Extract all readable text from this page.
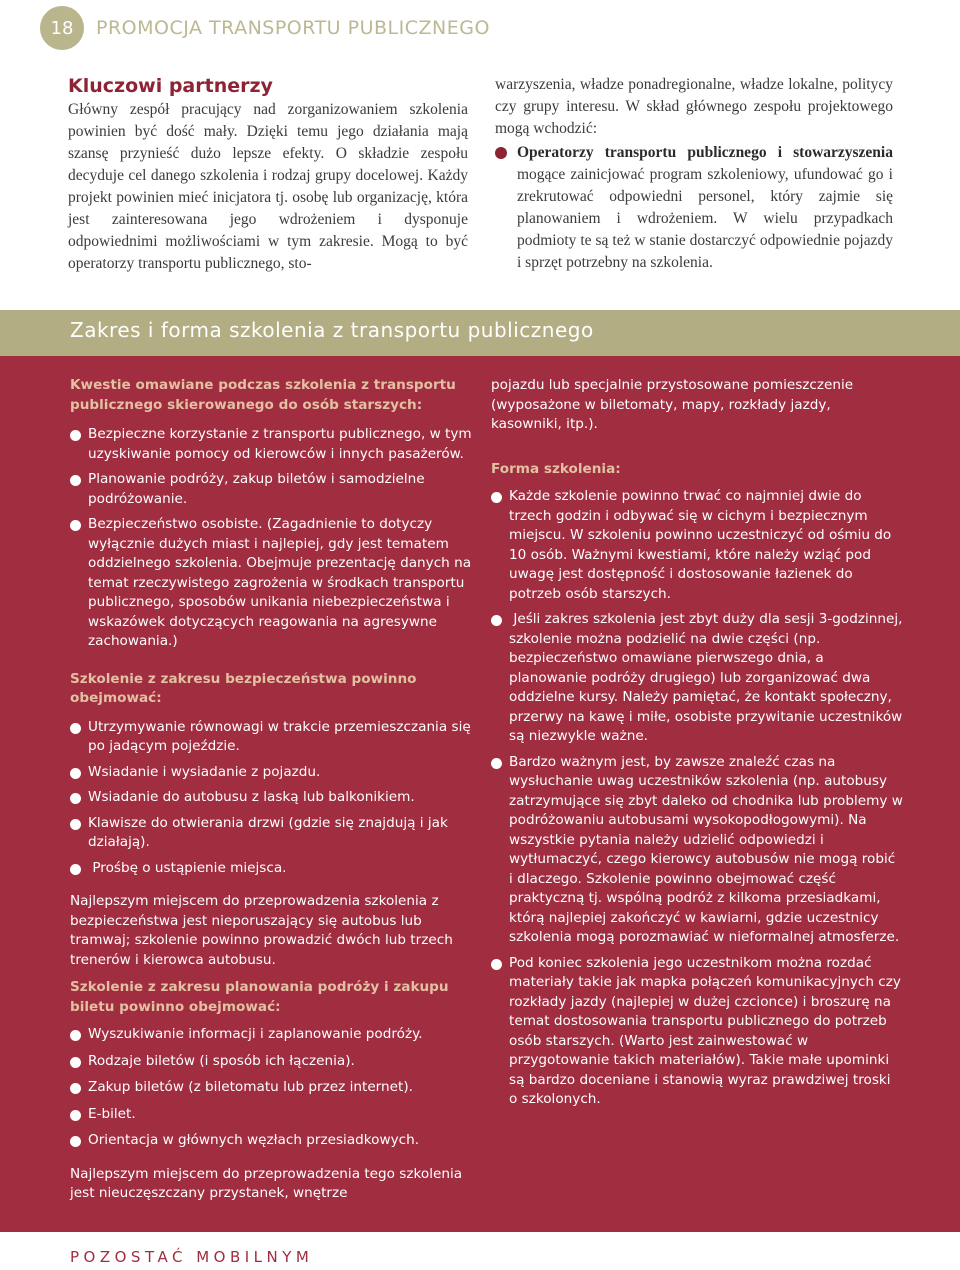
18	PROMOCJA TRANSPORTU PUBLICZNEGO
Kluczowi partnerzy

Główny zespół pracujący nad zorganizowaniem szkolenia powinien być dość mały. Dzięki temu jego działania mają szansę przynieść dużo lepsze efekty. O składzie zespołu decyduje cel danego szkolenia i rodzaj grupy docelowej. Każdy projekt powinien mieć inicjatora tj. osobę lub organizację, która jest zainteresowana jego wdrożeniem i dysponuje odpowiednimi możliwościami w tym zakresie. Mogą to być operatorzy transportu publicznego, sto-

warzyszenia, władze ponadregionalne, władze lokalne, politycy czy grupy interesu. W skład głównego zespołu projektowego mogą wchodzić:

Operatorzy transportu publicznego i stowarzyszenia mogące zainicjować program szkoleniowy, ufundować go i zrekrutować odpowiedni personel, który zajmie się planowaniem i wdrożeniem. W wielu przypadkach podmioty te są też w stanie dostarczyć odpowiednie pojazdy i sprzęt potrzebny na szkolenia.
Zakres i forma szkolenia z transportu publicznego

Kwestie omawiane podczas szkolenia z transportu publicznego skierowanego do osób starszych:

Bezpieczne korzystanie z transportu publicznego, w tym uzyskiwanie pomocy od kierowców i innych pasażerów.
Planowanie podróży, zakup biletów i samodzielne podróżowanie.
Bezpieczeństwo osobiste. (Zagadnienie to dotyczy wyłącznie dużych miast i najlepiej, gdy jest tematem oddzielnego szkolenia. Obejmuje prezentację danych na temat rzeczywistego zagrożenia w środkach transportu publicznego, sposobów unikania niebezpieczeństwa i wskazówek dotyczących reagowania na agresywne zachowania.)

Szkolenie z zakresu bezpieczeństwa powinno obejmować:

Utrzymywanie równowagi w trakcie przemieszczania się po jadącym pojeździe.
Wsiadanie i wysiadanie z pojazdu.
Wsiadanie do autobusu z laską lub balkonikiem.
Klawisze do otwierania drzwi (gdzie się znajdują i jak działają).
Prośbę o ustąpienie miejsca.

Najlepszym miejscem do przeprowadzenia szkolenia z bezpieczeństwa jest nieporuszający się autobus lub tramwaj; szkolenie powinno prowadzić dwóch lub trzech trenerów i kierowca autobusu.

Szkolenie z zakresu planowania podróży i zakupu biletu powinno obejmować:

Wyszukiwanie informacji i zaplanowanie podróży.
Rodzaje biletów (i sposób ich łączenia).
Zakup biletów (z biletomatu lub przez internet).
E-bilet.
Orientacja w głównych węzłach przesiadkowych.

Najlepszym miejscem do przeprowadzenia tego szkolenia jest nieuczęszczany przystanek, wnętrze

pojazdu lub specjalnie przystosowane pomieszczenie (wyposażone w biletomaty, mapy, rozkłady jazdy, kasowniki, itp.).

Forma szkolenia:

Każde szkolenie powinno trwać co najmniej dwie do trzech godzin i odbywać się w cichym i bezpiecznym miejscu. W szkoleniu powinno uczestniczyć od ośmiu do 10 osób. Ważnymi kwestiami, które należy wziąć pod uwagę jest dostępność i dostosowanie łazienek do potrzeb osób starszych.
Jeśli zakres szkolenia jest zbyt duży dla sesji 3-godzinnej, szkolenie można podzielić na dwie części (np. bezpieczeństwo omawiane pierwszego dnia, a planowanie podróży drugiego) lub zorganizować dwa oddzielne kursy. Należy pamiętać, że kontakt społeczny, przerwy na kawę i miłe, osobiste przywitanie uczestników są niezwykle ważne.
Bardzo ważnym jest, by zawsze znaleźć czas na wysłuchanie uwag uczestników szkolenia (np. autobusy zatrzymujące się zbyt daleko od chodnika lub problemy w podróżowaniu autobusami wysokopodłogowymi). Na wszystkie pytania należy udzielić odpowiedzi i wytłumaczyć, czego kierowcy autobusów nie mogą robić i dlaczego. Szkolenie powinno obejmować część praktyczną tj. wspólną podróż z kilkoma przesiadkami, którą najlepiej zakończyć w kawiarni, gdzie uczestnicy szkolenia mogą porozmawiać w nieformalnej atmosferze.
Pod koniec szkolenia jego uczestnikom można rozdać materiały takie jak mapka połączeń komunikacyjnych czy rozkłady jazdy (najlepiej w dużej czcionce) i broszurę na temat dostosowania transportu publicznego do potrzeb osób starszych. (Warto jest zainwestować w przygotowanie takich materiałów). Takie małe upominki są bardzo doceniane i stanowią wyraz prawdziwej troski o szkolonych.
POZOSTAĆ MOBILNYM
